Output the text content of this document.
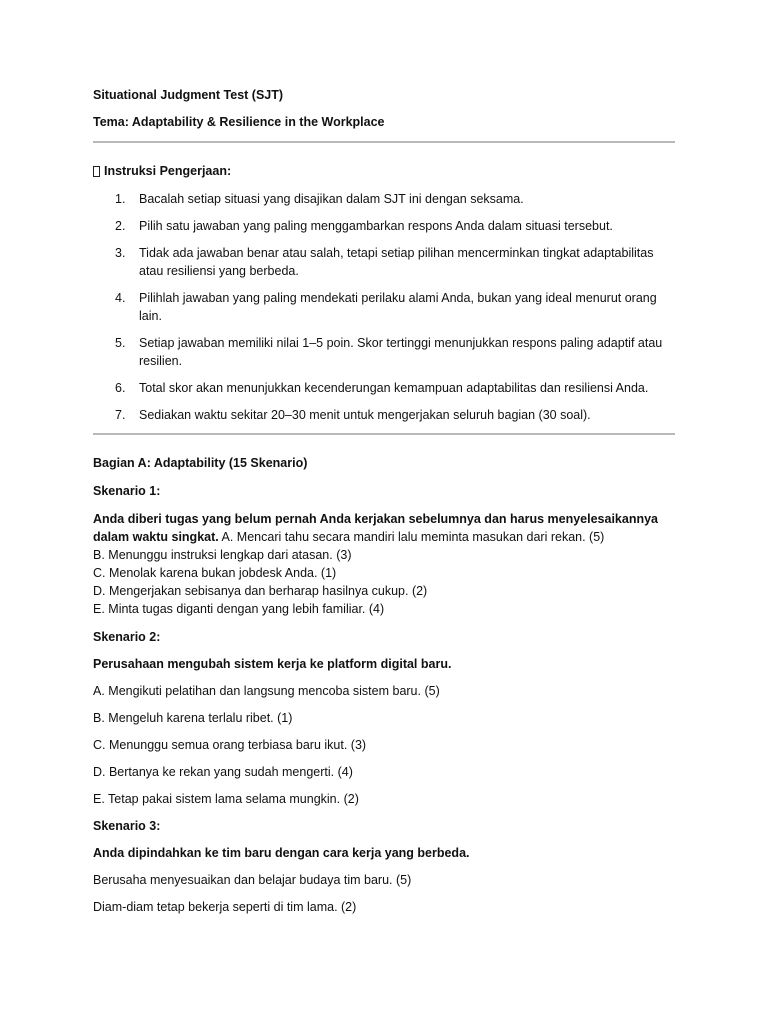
Situational Judgment Test (SJT)

Tema: Adaptability & Resilience in the Workplace

Instruksi Pengerjaan:
1.	Bacalah setiap situasi yang disajikan dalam SJT ini dengan seksama.
2.	Pilih satu jawaban yang paling menggambarkan respons Anda dalam situasi tersebut.
3.	Tidak ada jawaban benar atau salah, tetapi setiap pilihan mencerminkan tingkat adaptabilitas atau resiliensi yang berbeda.
4.	Pilihlah jawaban yang paling mendekati perilaku alami Anda, bukan yang ideal menurut orang lain.
5.	Setiap jawaban memiliki nilai 1–5 poin. Skor tertinggi menunjukkan respons paling adaptif atau resilien.
6.	Total skor akan menunjukkan kecenderungan kemampuan adaptabilitas dan resiliensi Anda.
7.	Sediakan waktu sekitar 20–30 menit untuk mengerjakan seluruh bagian (30 soal).

Bagian A: Adaptability (15 Skenario)

Skenario 1:

Anda diberi tugas yang belum pernah Anda kerjakan sebelumnya dan harus menyelesaikannya dalam waktu singkat. A. Mencari tahu secara mandiri lalu meminta masukan dari rekan. (5)

B. Menunggu instruksi lengkap dari atasan. (3)

C. Menolak karena bukan jobdesk Anda. (1)

D. Mengerjakan sebisanya dan berharap hasilnya cukup. (2)

E. Minta tugas diganti dengan yang lebih familiar. (4)

Skenario 2:

Perusahaan mengubah sistem kerja ke platform digital baru.

A. Mengikuti pelatihan dan langsung mencoba sistem baru. (5)

B. Mengeluh karena terlalu ribet. (1)

C. Menunggu semua orang terbiasa baru ikut. (3)

D. Bertanya ke rekan yang sudah mengerti. (4)

E. Tetap pakai sistem lama selama mungkin. (2)

Skenario 3:

Anda dipindahkan ke tim baru dengan cara kerja yang berbeda.

Berusaha menyesuaikan dan belajar budaya tim baru. (5)

Diam-diam tetap bekerja seperti di tim lama. (2)
